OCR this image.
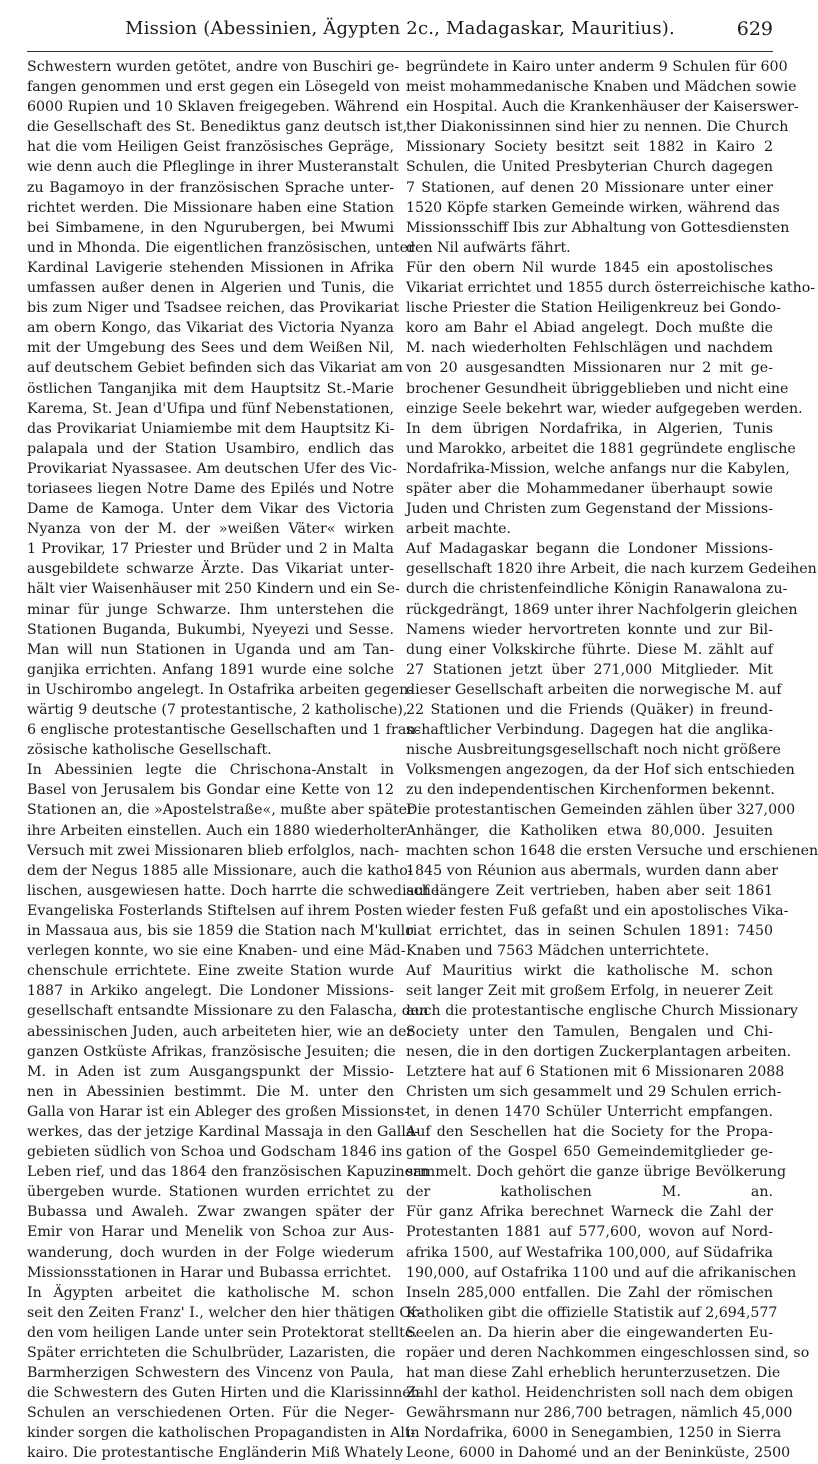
Mission (Abessinien, Ägypten 2c., Madagaskar, Mauritius).	629
Schwestern wurden getötet, andre von Buschiri ge-
fangen genommen und erst gegen ein Lösegeld von
6000 Rupien und 10 Sklaven freigegeben. Während
die Gesellschaft des St. Benediktus ganz deutsch ist,
hat die vom Heiligen Geist französisches Gepräge,
wie denn auch die Pfleglinge in ihrer Musteranstalt
zu Bagamoyo in der französischen Sprache unter-
richtet werden. Die Missionare haben eine Station
bei Simbamene, in den Ngurubergen, bei Mwumi
und in Mhonda. Die eigentlichen französischen, unter
Kardinal Lavigerie stehenden Missionen in Afrika
umfassen außer denen in Algerien und Tunis, die
bis zum Niger und Tsadsee reichen, das Provikariat
am obern Kongo, das Vikariat des Victoria Nyanza
mit der Umgebung des Sees und dem Weißen Nil,
auf deutschem Gebiet befinden sich das Vikariat am
östlichen Tanganjika mit dem Hauptsitz St.-Marie
Karema, St. Jean d'Ufipa und fünf Nebenstationen,
das Provikariat Uniamiembe mit dem Hauptsitz Ki-
palapala und der Station Usambiro, endlich das
Provikariat Nyassasee. Am deutschen Ufer des Vic-
toriasees liegen Notre Dame des Epilés und Notre
Dame de Kamoga. Unter dem Vikar des Victoria
Nyanza von der M. der »weißen Väter« wirken
1 Provikar, 17 Priester und Brüder und 2 in Malta
ausgebildete schwarze Ärzte. Das Vikariat unter-
hält vier Waisenhäuser mit 250 Kindern und ein Se-
minar für junge Schwarze. Ihm unterstehen die
Stationen Buganda, Bukumbi, Nyeyezi und Sesse.
Man will nun Stationen in Uganda und am Tan-
ganjika errichten. Anfang 1891 wurde eine solche
in Uschirombo angelegt. In Ostafrika arbeiten gegen-
wärtig 9 deutsche (7 protestantische, 2 katholische),
6 englische protestantische Gesellschaften und 1 fran-
zösische katholische Gesellschaft.
In Abessinien legte die Chrischona-Anstalt in
Basel von Jerusalem bis Gondar eine Kette von 12
Stationen an, die »Apostelstraße«, mußte aber später
ihre Arbeiten einstellen. Auch ein 1880 wiederholter
Versuch mit zwei Missionaren blieb erfolglos, nach-
dem der Negus 1885 alle Missionare, auch die katho-
lischen, ausgewiesen hatte. Doch harrte die schwedische
Evangeliska Fosterlands Stiftelsen auf ihrem Posten
in Massaua aus, bis sie 1859 die Station nach M'kullo
verlegen konnte, wo sie eine Knaben- und eine Mäd-
chenschule errichtete. Eine zweite Station wurde
1887 in Arkiko angelegt. Die Londoner Missions-
gesellschaft entsandte Missionare zu den Falascha, den
abessinischen Juden, auch arbeiteten hier, wie an der
ganzen Ostküste Afrikas, französische Jesuiten; die
M. in Aden ist zum Ausgangspunkt der Missio-
nen in Abessinien bestimmt. Die M. unter den
Galla von Harar ist ein Ableger des großen Missions-
werkes, das der jetzige Kardinal Massaja in den Galla-
gebieten südlich von Schoa und Godscham 1846 ins
Leben rief, und das 1864 den französischen Kapuzinern
übergeben wurde. Stationen wurden errichtet zu
Bubassa und Awaleh. Zwar zwangen später der
Emir von Harar und Menelik von Schoa zur Aus-
wanderung, doch wurden in der Folge wiederum
Missionsstationen in Harar und Bubassa errichtet.
In Ägypten arbeitet die katholische M. schon
seit den Zeiten Franz' I., welcher den hier thätigen Or-
den vom heiligen Lande unter sein Protektorat stellte.
Später errichteten die Schulbrüder, Lazaristen, die
Barmherzigen Schwestern des Vincenz von Paula,
die Schwestern des Guten Hirten und die Klarissinnen
Schulen an verschiedenen Orten. Für die Neger-
kinder sorgen die katholischen Propagandisten in Alt-
kairo. Die protestantische Engländerin Miß Whately
begründete in Kairo unter anderm 9 Schulen für 600
meist mohammedanische Knaben und Mädchen sowie
ein Hospital. Auch die Krankenhäuser der Kaiserswer-
ther Diakonissinnen sind hier zu nennen. Die Church
Missionary Society besitzt seit 1882 in Kairo 2
Schulen, die United Presbyterian Church dagegen
7 Stationen, auf denen 20 Missionare unter einer
1520 Köpfe starken Gemeinde wirken, während das
Missionsschiff Ibis zur Abhaltung von Gottesdiensten
den Nil aufwärts fährt.
Für den obern Nil wurde 1845 ein apostolisches
Vikariat errichtet und 1855 durch österreichische katho-
lische Priester die Station Heiligenkreuz bei Gondo-
koro am Bahr el Abiad angelegt. Doch mußte die
M. nach wiederholten Fehlschlägen und nachdem
von 20 ausgesandten Missionaren nur 2 mit ge-
brochener Gesundheit übriggeblieben und nicht eine
einzige Seele bekehrt war, wieder aufgegeben werden.
In dem übrigen Nordafrika, in Algerien, Tunis
und Marokko, arbeitet die 1881 gegründete englische
Nordafrika-Mission, welche anfangs nur die Kabylen,
später aber die Mohammedaner überhaupt sowie
Juden und Christen zum Gegenstand der Missions-
arbeit machte.
Auf Madagaskar begann die Londoner Missions-
gesellschaft 1820 ihre Arbeit, die nach kurzem Gedeihen
durch die christenfeindliche Königin Ranawalona zu-
rückgedrängt, 1869 unter ihrer Nachfolgerin gleichen
Namens wieder hervortreten konnte und zur Bil-
dung einer Volkskirche führte. Diese M. zählt auf
27 Stationen jetzt über 271,000 Mitglieder. Mit
dieser Gesellschaft arbeiten die norwegische M. auf
22 Stationen und die Friends (Quäker) in freund-
schaftlicher Verbindung. Dagegen hat die anglika-
nische Ausbreitungsgesellschaft noch nicht größere
Volksmengen angezogen, da der Hof sich entschieden
zu den independentischen Kirchenformen bekennt.
Die protestantischen Gemeinden zählen über 327,000
Anhänger, die Katholiken etwa 80,000. Jesuiten
machten schon 1648 die ersten Versuche und erschienen
1845 von Réunion aus abermals, wurden dann aber
auf längere Zeit vertrieben, haben aber seit 1861
wieder festen Fuß gefaßt und ein apostolisches Vika-
riat errichtet, das in seinen Schulen 1891: 7450
Knaben und 7563 Mädchen unterrichtete.
Auf Mauritius wirkt die katholische M. schon
seit langer Zeit mit großem Erfolg, in neuerer Zeit
auch die protestantische englische Church Missionary
Society unter den Tamulen, Bengalen und Chi-
nesen, die in den dortigen Zuckerplantagen arbeiten.
Letztere hat auf 6 Stationen mit 6 Missionaren 2088
Christen um sich gesammelt und 29 Schulen errich-
tet, in denen 1470 Schüler Unterricht empfangen.
Auf den Seschellen hat die Society for the Propa-
gation of the Gospel 650 Gemeindemitglieder ge-
sammelt. Doch gehört die ganze übrige Bevölkerung
der katholischen M. an.
Für ganz Afrika berechnet Warneck die Zahl der
Protestanten 1881 auf 577,600, wovon auf Nord-
afrika 1500, auf Westafrika 100,000, auf Südafrika
190,000, auf Ostafrika 1100 und auf die afrikanischen
Inseln 285,000 entfallen. Die Zahl der römischen
Katholiken gibt die offizielle Statistik auf 2,694,577
Seelen an. Da hierin aber die eingewanderten Eu-
ropäer und deren Nachkommen eingeschlossen sind, so
hat man diese Zahl erheblich herunterzusetzen. Die
Zahl der kathol. Heidenchristen soll nach dem obigen
Gewährsmann nur 286,700 betragen, nämlich 45,000
in Nordafrika, 6000 in Senegambien, 1250 in Sierra
Leone, 6000 in Dahomé und an der Beninküste, 2500
